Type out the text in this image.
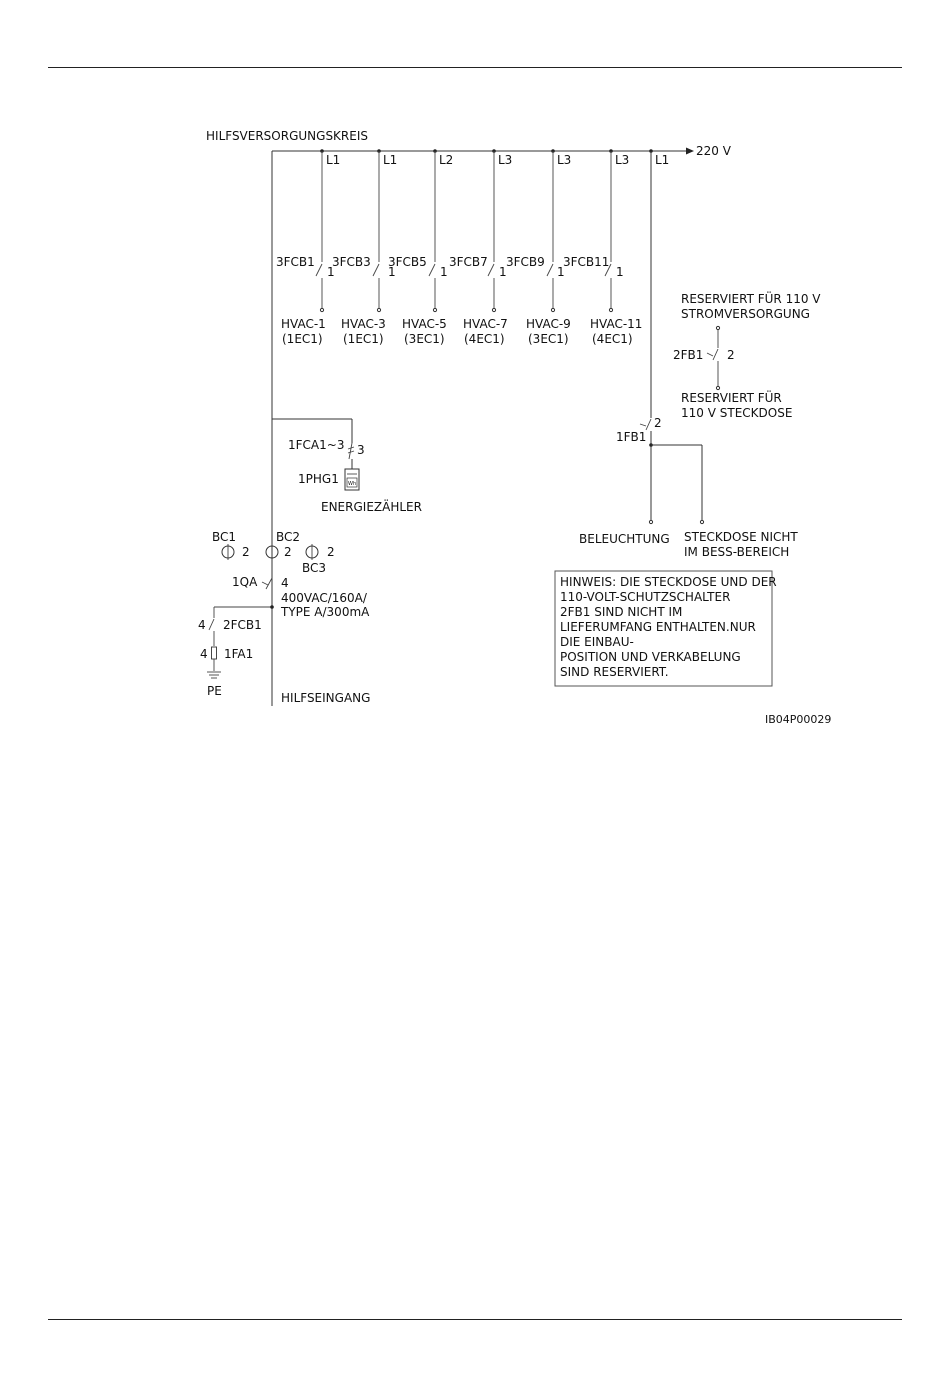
HILFSVERSORGUNGSKREIS
220 V
L1	L1	L2	L3	L3	L3 L1
3FCB1
1
HVAC-1
(1EC1)
3FCB3
1
HVAC-3
(1EC1)
3FCB5
1
HVAC-5
(3EC1)
3FCB7
1
HVAC-7
(4EC1)
3FCB9
1
HVAC-9
(3EC1)
3FCB11
1
HVAC-11
(4EC1)
1FCA1~3 3
Wh
1PHG1
ENERGIEZÄHLER
BC1
2
BC2
2	2
BC3
1QA 4
400VAC/160A/
TYPE A/300mA
4 2FCB1
4 1FA1
PE	HILFSEINGANG
2
1FB1
BELEUCHTUNG STECKDOSE NICHT
IM BESS-BEREICH
RESERVIERT FÜR 110 V
STROMVERSORGUNG
2FB1 2
RESERVIERT FÜR
110 V STECKDOSE
HINWEIS: DIE STECKDOSE UND DER
110-VOLT-SCHUTZSCHALTER
2FB1 SIND NICHT IM
LIEFERUMFANG ENTHALTEN.NUR
DIE EINBAU-
POSITION UND VERKABELUNG
SIND RESERVIERT.
IB04P00029
